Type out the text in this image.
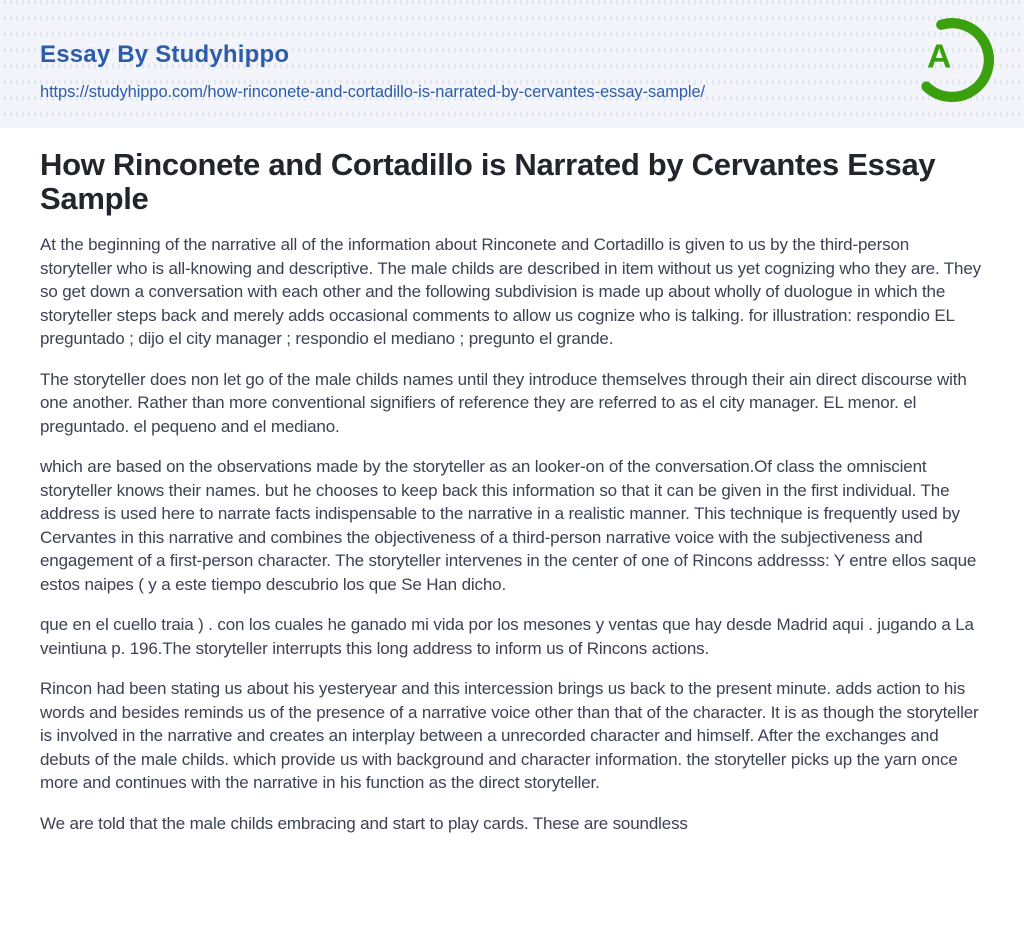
Essay By Studyhippo
https://studyhippo.com/how-rinconete-and-cortadillo-is-narrated-by-cervantes-essay-sample/
A
How Rinconete and Cortadillo is Narrated by Cervantes Essay Sample

At the beginning of the narrative all of the information about Rinconete and Cortadillo is given to us by the third-person storyteller who is all-knowing and descriptive. The male childs are described in item without us yet cognizing who they are. They so get down a conversation with each other and the following subdivision is made up about wholly of duologue in which the storyteller steps back and merely adds occasional comments to allow us cognize who is talking. for illustration: respondio EL preguntado ; dijo el city manager ; respondio el mediano ; pregunto el grande.

The storyteller does non let go of the male childs names until they introduce themselves through their ain direct discourse with one another. Rather than more conventional signifiers of reference they are referred to as el city manager. EL menor. el preguntado. el pequeno and el mediano.

which are based on the observations made by the storyteller as an looker-on of the conversation.Of class the omniscient storyteller knows their names. but he chooses to keep back this information so that it can be given in the first individual. The address is used here to narrate facts indispensable to the narrative in a realistic manner. This technique is frequently used by Cervantes in this narrative and combines the objectiveness of a third-person narrative voice with the subjectiveness and engagement of a first-person character. The storyteller intervenes in the center of one of Rincons addresss: Y entre ellos saque estos naipes ( y a este tiempo descubrio los que Se Han dicho.

que en el cuello traia ) . con los cuales he ganado mi vida por los mesones y ventas que hay desde Madrid aqui . jugando a La veintiuna p. 196.The storyteller interrupts this long address to inform us of Rincons actions.

Rincon had been stating us about his yesteryear and this intercession brings us back to the present minute. adds action to his words and besides reminds us of the presence of a narrative voice other than that of the character. It is as though the storyteller is involved in the narrative and creates an interplay between a unrecorded character and himself. After the exchanges and debuts of the male childs. which provide us with background and character information. the storyteller picks up the yarn once more and continues with the narrative in his function as the direct storyteller.

We are told that the male childs embracing and start to play cards. These are soundless
